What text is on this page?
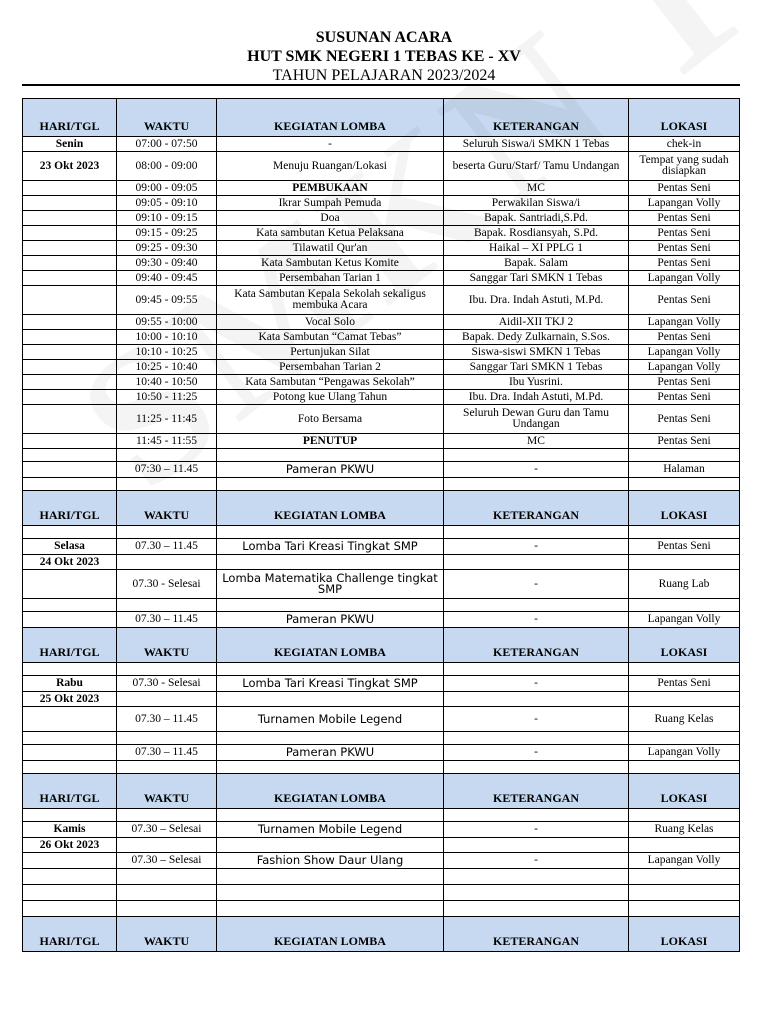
SUSUNAN ACARA
HUT SMK NEGERI 1 TEBAS KE - XV
TAHUN PELAJARAN 2023/2024
HARI/TGL	WAKTU	KEGIATAN LOMBA	KETERANGAN	LOKASI
Senin	07:00 - 07:50	-	Seluruh Siswa/i SMKN 1 Tebas	chek-in
23 Okt 2023	08:00 - 09:00	Menuju Ruangan/Lokasi	beserta Guru/Starf/ Tamu Undangan	Tempat yang sudah disiapkan
	09:00 - 09:05	PEMBUKAAN	MC	Pentas Seni
	09:05 - 09:10	Ikrar Sumpah Pemuda	Perwakilan Siswa/i	Lapangan Volly
	09:10 - 09:15	Doa	Bapak. Santriadi,S.Pd.	Pentas Seni
	09:15 - 09:25	Kata sambutan Ketua Pelaksana	Bapak. Rosdiansyah, S.Pd.	Pentas Seni
	09:25 - 09:30	Tilawatil Qur'an	Haikal – XI PPLG 1	Pentas Seni
	09:30 - 09:40	Kata Sambutan Ketus Komite	Bapak. Salam	Pentas Seni
	09:40 - 09:45	Persembahan Tarian 1	Sanggar Tari SMKN 1 Tebas	Lapangan Volly
	09:45 - 09:55	Kata Sambutan Kepala Sekolah sekaligus membuka Acara	Ibu. Dra. Indah Astuti, M.Pd.	Pentas Seni
	09:55 - 10:00	Vocal Solo	Aidil-XII TKJ 2	Lapangan Volly
	10:00 - 10:10	Kata Sambutan “Camat Tebas”	Bapak. Dedy Zulkarnain, S.Sos.	Pentas Seni
	10:10 - 10:25	Pertunjukan Silat	Siswa-siswi SMKN 1 Tebas	Lapangan Volly
	10:25 - 10:40	Persembahan Tarian 2	Sanggar Tari SMKN 1 Tebas	Lapangan Volly
	10:40 - 10:50	Kata Sambutan “Pengawas Sekolah”	Ibu Yusrini.	Pentas Seni
	10:50 - 11:25	Potong kue Ulang Tahun	Ibu. Dra. Indah Astuti, M.Pd.	Pentas Seni
	11:25 - 11:45	Foto Bersama	Seluruh Dewan Guru dan Tamu Undangan	Pentas Seni
	11:45 - 11:55	PENUTUP	MC	Pentas Seni

	07:30 – 11.45	Pameran PKWU	-	Halaman

HARI/TGL	WAKTU	KEGIATAN LOMBA	KETERANGAN	LOKASI

Selasa	07.30 – 11.45	Lomba Tari Kreasi Tingkat SMP	-	Pentas Seni
24 Okt 2023				
	07.30 - Selesai	Lomba Matematika Challenge tingkat SMP	-	Ruang Lab

	07.30 – 11.45	Pameran PKWU	-	Lapangan Volly
HARI/TGL	WAKTU	KEGIATAN LOMBA	KETERANGAN	LOKASI

Rabu	07.30 - Selesai	Lomba Tari Kreasi Tingkat SMP	-	Pentas Seni
25 Okt 2023				
	07.30 – 11.45	Turnamen Mobile Legend	-	Ruang Kelas

	07.30 – 11.45	Pameran PKWU	-	Lapangan Volly

HARI/TGL	WAKTU	KEGIATAN LOMBA	KETERANGAN	LOKASI

Kamis	07.30 – Selesai	Turnamen Mobile Legend	-	Ruang Kelas
26 Okt 2023				
	07.30 – Selesai	Fashion Show Daur Ulang	-	Lapangan Volly

HARI/TGL	WAKTU	KEGIATAN LOMBA	KETERANGAN	LOKASI
